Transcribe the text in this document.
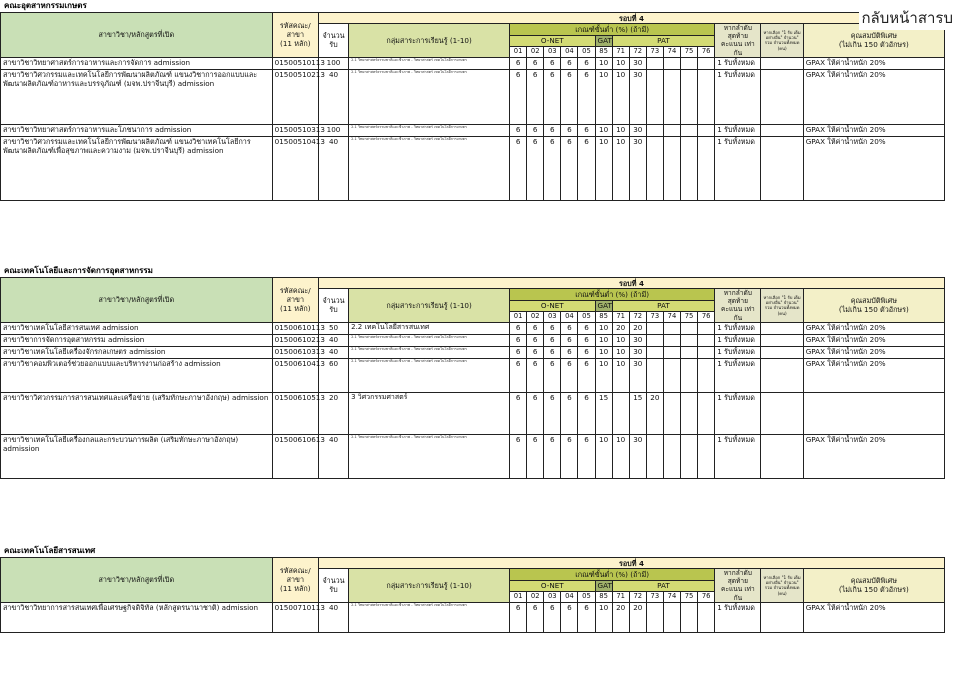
กลับหน้าสารบ
คณะอุตสาหกรรมเกษตร
สาขาวิชา/หลักสูตรที่เปิด	รหัสคณะ/
สาขา
(11 หลัก)	รอบที่ 4																
		จำนวนรับ	กลุ่มสาระการเรียนรู้ (1-10)	เกณฑ์ขั้นต่ำ (%) (ถ้ามี)												หากลำดับ สุดท้าย คะแนน เท่ากัน	หากเลือก "1 รับ เต็มอย่างอื่น" จำนวน" รวม จำนวนทั้งหมด (คน)	คุณสมบัติพิเศษ
(ไม่เกิน 150 ตัวอักษร)
				O-NET					GAT	PAT								
				01	02	03	04	05	85	71	72	73	74	75	76			
สาขาวิชาวิทยาศาสตร์การอาหารและการจัดการ admission	01500510113	100	2.1 วิทยาศาสตร์ธรรมชาติและชีวภาพ - วิทยาศาสตร์ เทคโนโลยีการเกษตร	6	6	6	6	6	10	10	30					1 รับทั้งหมด		GPAX ให้ค่าน้ำหนัก 20%
สาขาวิชาวิศวกรรมและเทคโนโลยีการพัฒนาผลิตภัณฑ์ แขนงวิชาการออกแบบและพัฒนาผลิตภัณฑ์อาหารและบรรจุภัณฑ์ (มจพ.ปราจีนบุรี) admission	01500510213	40	2.1 วิทยาศาสตร์ธรรมชาติและชีวภาพ - วิทยาศาสตร์ เทคโนโลยีการเกษตร	6	6	6	6	6	10	10	30					1 รับทั้งหมด		GPAX ให้ค่าน้ำหนัก 20%
สาขาวิชาวิทยาศาสตร์การอาหารและโภชนาการ admission	01500510313	100	2.1 วิทยาศาสตร์ธรรมชาติและชีวภาพ - วิทยาศาสตร์ เทคโนโลยีการเกษตร	6	6	6	6	6	10	10	30					1 รับทั้งหมด		GPAX ให้ค่าน้ำหนัก 20%
สาขาวิชาวิศวกรรมและเทคโนโลยีการพัฒนาผลิตภัณฑ์ แขนงวิชาเทคโนโลยีการพัฒนาผลิตภัณฑ์เพื่อสุขภาพและความงาม (มจพ.ปราจีนบุรี) admission	01500510413	40	2.1 วิทยาศาสตร์ธรรมชาติและชีวภาพ - วิทยาศาสตร์ เทคโนโลยีการเกษตร	6	6	6	6	6	10	10	30					1 รับทั้งหมด		GPAX ให้ค่าน้ำหนัก 20%
คณะเทคโนโลยีและการจัดการอุตสาหกรรม
สาขาวิชา/หลักสูตรที่เปิด	รหัสคณะ/
สาขา
(11 หลัก)	รอบที่ 4																
		จำนวนรับ	กลุ่มสาระการเรียนรู้ (1-10)	เกณฑ์ขั้นต่ำ (%) (ถ้ามี)												หากลำดับ สุดท้าย คะแนน เท่ากัน	หากเลือก "1 รับ เต็มอย่างอื่น" จำนวน" รวม จำนวนทั้งหมด (คน)	คุณสมบัติพิเศษ
(ไม่เกิน 150 ตัวอักษร)
				O-NET					GAT	PAT								
				01	02	03	04	05	85	71	72	73	74	75	76			
สาขาวิชาเทคโนโลยีสารสนเทศ admission	01500610113	50	2.2 เทคโนโลยีสารสนเทศ	6	6	6	6	6	10	20	20					1 รับทั้งหมด		GPAX ให้ค่าน้ำหนัก 20%
สาขาวิชาการจัดการอุตสาหกรรม admission	01500610213	40	2.1 วิทยาศาสตร์ธรรมชาติและชีวภาพ - วิทยาศาสตร์ เทคโนโลยีการเกษตร	6	6	6	6	6	10	10	30					1 รับทั้งหมด		GPAX ให้ค่าน้ำหนัก 20%
สาขาวิชาเทคโนโลยีเครื่องจักรกลเกษตร admission	01500610313	40	2.1 วิทยาศาสตร์ธรรมชาติและชีวภาพ - วิทยาศาสตร์ เทคโนโลยีการเกษตร	6	6	6	6	6	10	10	30					1 รับทั้งหมด		GPAX ให้ค่าน้ำหนัก 20%
สาขาวิชาคอมพิวเตอร์ช่วยออกแบบและบริหารงานก่อสร้าง admission	01500610413	60	2.1 วิทยาศาสตร์ธรรมชาติและชีวภาพ - วิทยาศาสตร์ เทคโนโลยีการเกษตร	6	6	6	6	6	10	10	30					1 รับทั้งหมด		GPAX ให้ค่าน้ำหนัก 20%
สาขาวิชาวิศวกรรมการสารสนเทศและเครือข่าย (เสริมทักษะภาษาอังกฤษ) admission	01500610513	20	3 วิศวกรรมศาสตร์	6	6	6	6	6	15		15	20				1 รับทั้งหมด		
สาขาวิชาเทคโนโลยีเครื่องกลและกระบวนการผลิต (เสริมทักษะภาษาอังกฤษ) admission	01500610613	40	2.1 วิทยาศาสตร์ธรรมชาติและชีวภาพ - วิทยาศาสตร์ เทคโนโลยีการเกษตร	6	6	6	6	6	10	10	30					1 รับทั้งหมด		GPAX ให้ค่าน้ำหนัก 20%
คณะเทคโนโลยีสารสนเทศ
สาขาวิชา/หลักสูตรที่เปิด	รหัสคณะ/
สาขา
(11 หลัก)	รอบที่ 4																
		จำนวนรับ	กลุ่มสาระการเรียนรู้ (1-10)	เกณฑ์ขั้นต่ำ (%) (ถ้ามี)												หากลำดับ สุดท้าย คะแนน เท่ากัน	หากเลือก "1 รับ เต็มอย่างอื่น" จำนวน" รวม จำนวนทั้งหมด (คน)	คุณสมบัติพิเศษ
(ไม่เกิน 150 ตัวอักษร)
				O-NET					GAT	PAT								
				01	02	03	04	05	85	71	72	73	74	75	76			
สาขาวิชาวิทยาการสารสนเทศเพื่อเศรษฐกิจดิจิทัล (หลักสูตรนานาชาติ) admission	01500710113	40	2.1 วิทยาศาสตร์ธรรมชาติและชีวภาพ - วิทยาศาสตร์ เทคโนโลยีการเกษตร	6	6	6	6	6	10	20	20					1 รับทั้งหมด		GPAX ให้ค่าน้ำหนัก 20%
